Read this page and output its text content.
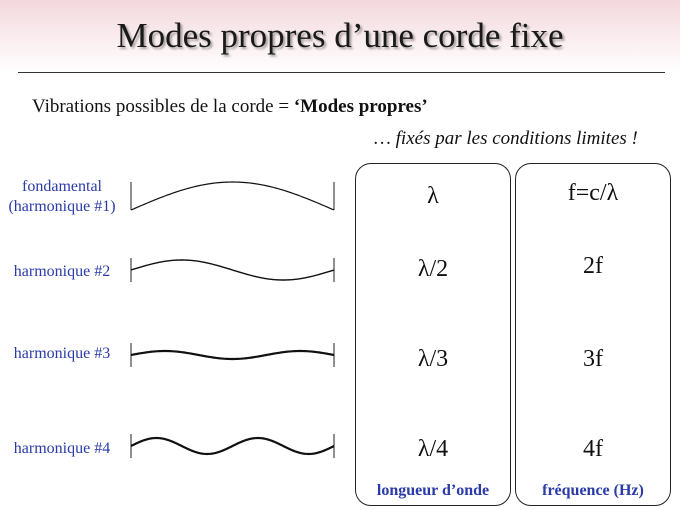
Modes propres d’une corde fixe
Vibrations possibles de la corde = ‘Modes propres’
… fixés par les conditions limites !
fondamental
(harmonique #1)
harmonique #2
harmonique #3
harmonique #4
λ
λ/2
λ/3
λ/4
longueur d’onde
f=c/λ
2f
3f
4f
fréquence (Hz)
